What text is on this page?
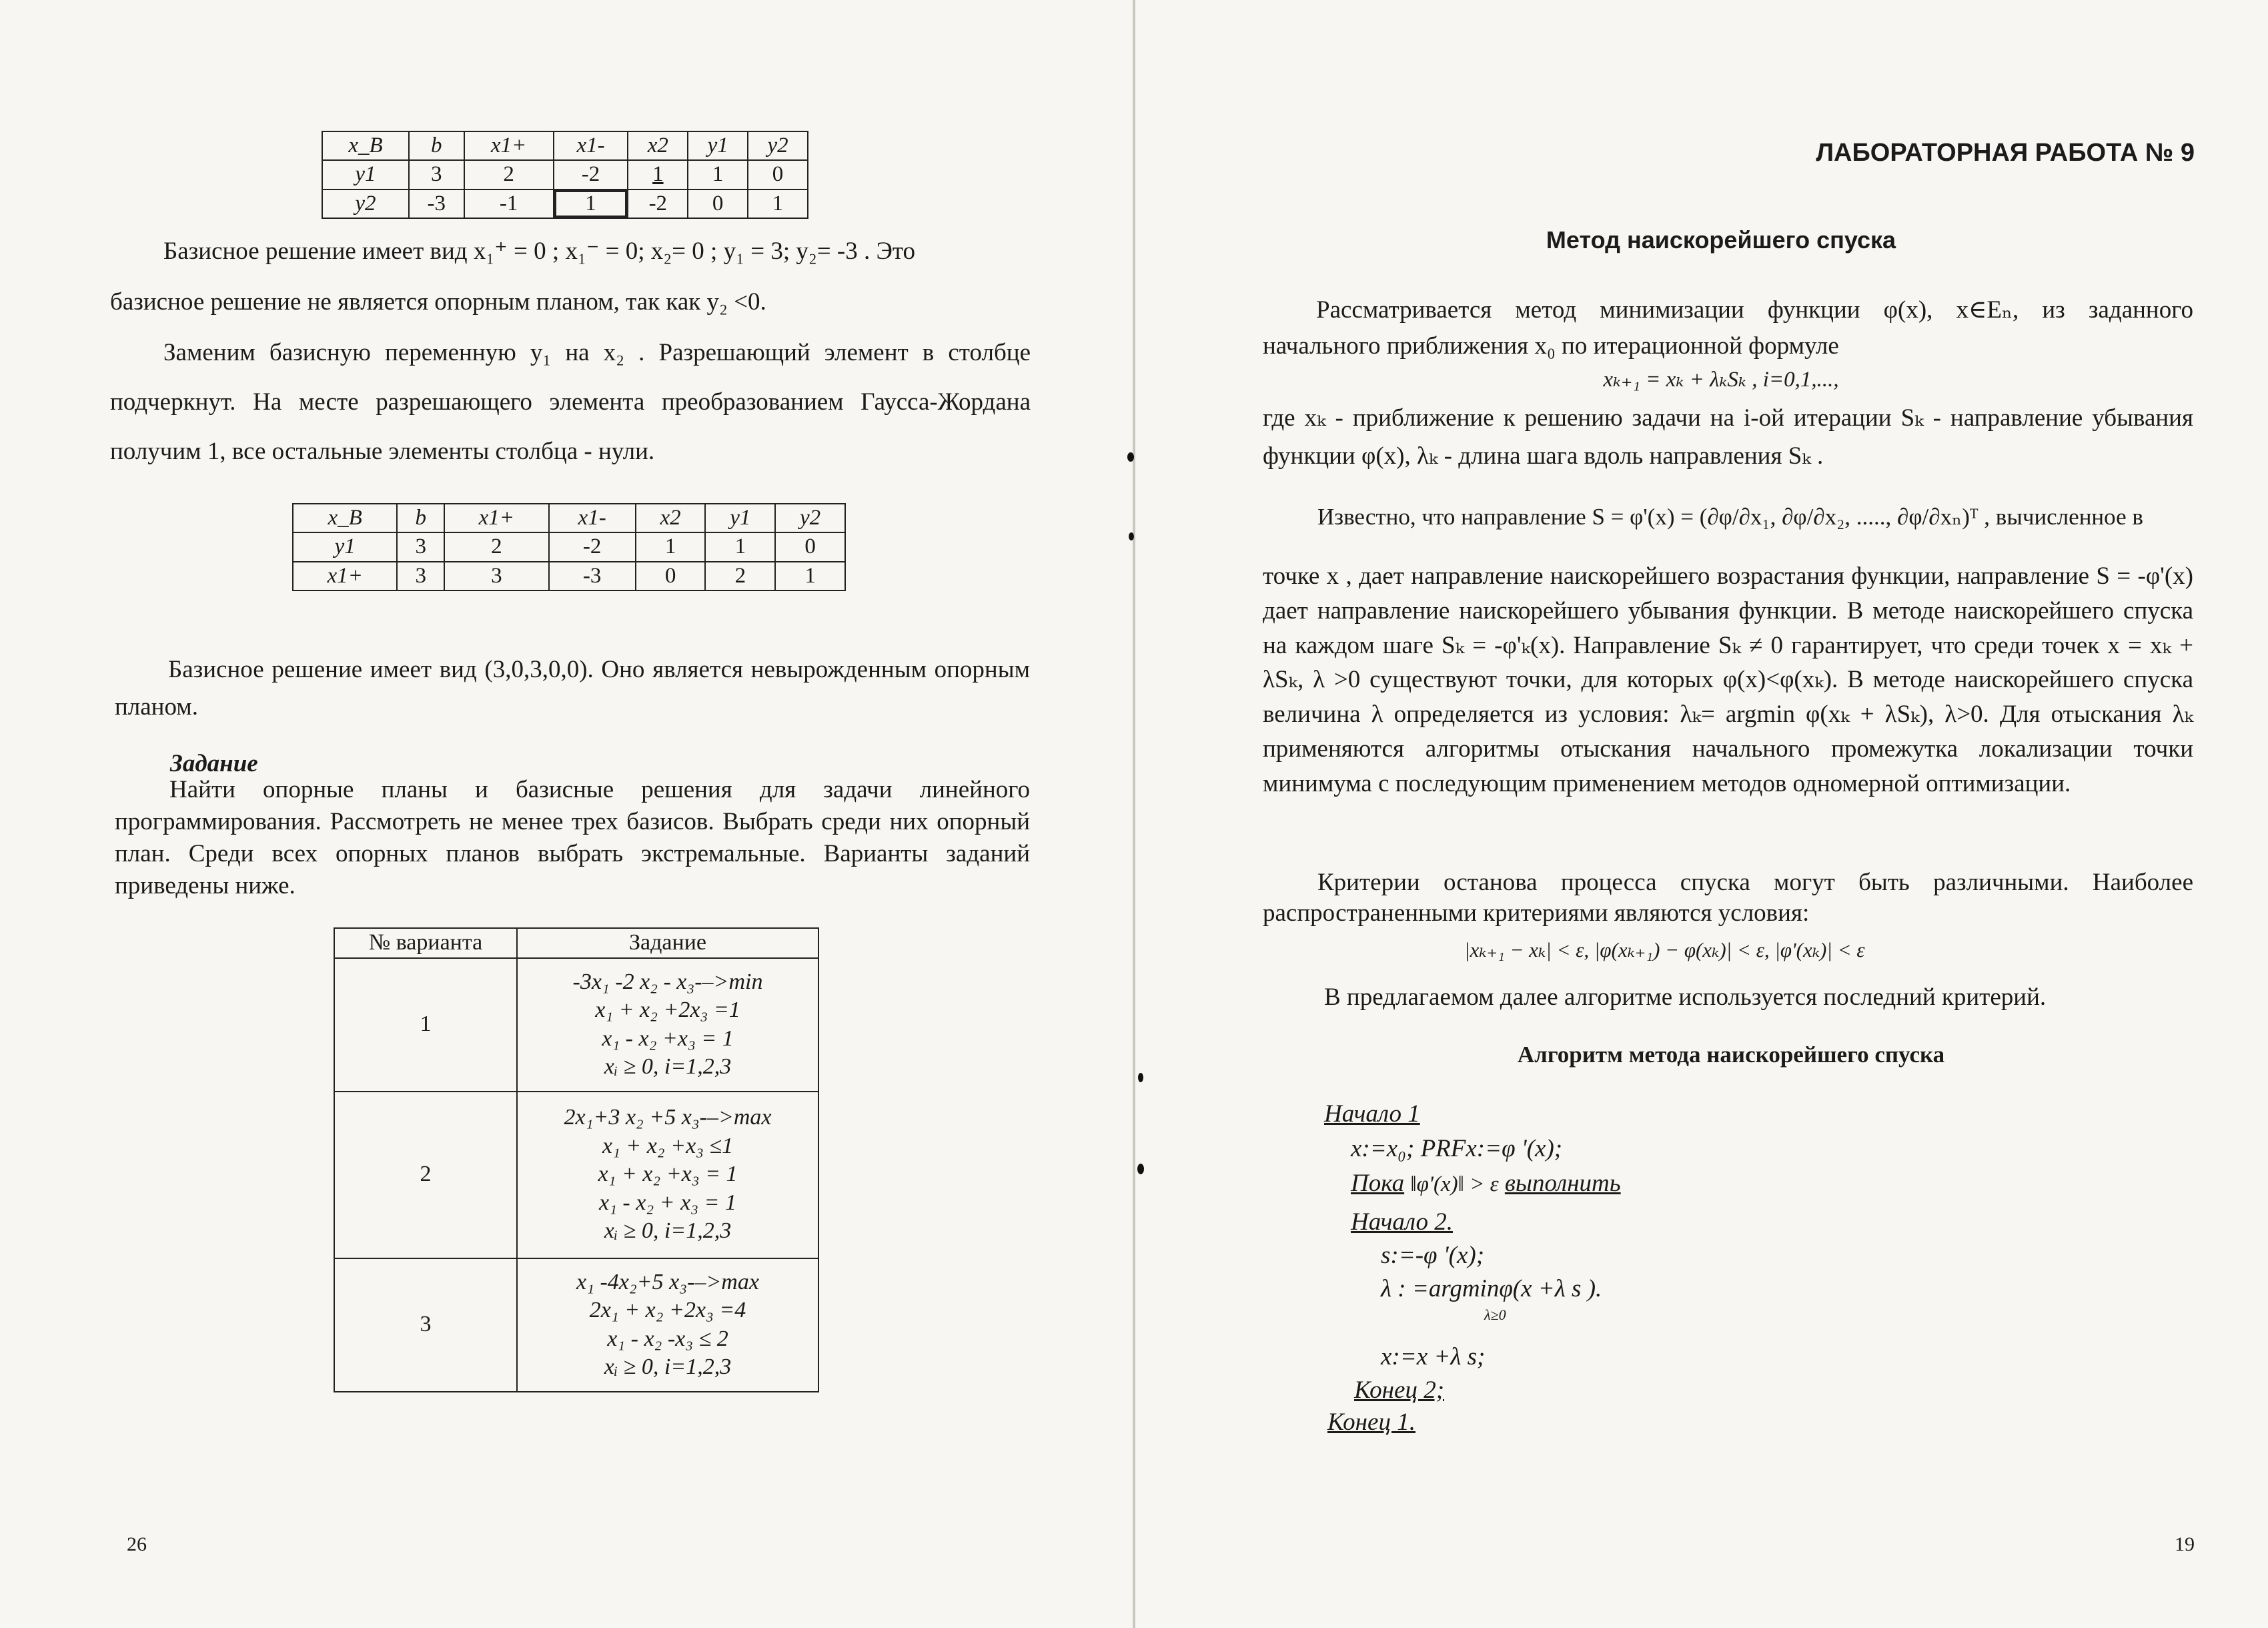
x_B	b	x1+	x1-	x2	y1	y2
y1	3	2	-2	1	1	0
y2	-3	-1	1	-2	0	1

Базисное решение имеет вид x₁⁺ = 0 ; x₁⁻ = 0; x₂= 0 ; y₁ = 3; y₂= -3 . Это

базисное решение не является опорным планом, так как y₂ <0.

Заменим базисную переменную y₁ на x₂ . Разрешающий элемент в столбце подчеркнут. На месте разрешающего элемента преобразованием Гаусса-Жордана получим 1, все остальные элементы столбца - нули.

x_B	b	x1+	x1-	x2	y1	y2
y1	3	2	-2	1	1	0
x1+	3	3	-3	0	2	1

Базисное решение имеет вид (3,0,3,0,0). Оно является невырожденным опорным планом.

Задание

Найти опорные планы и базисные решения для задачи линейного программирования. Рассмотреть не менее трех базисов. Выбрать среди них опорный план. Среди всех опорных планов выбрать экстремальные. Варианты заданий приведены ниже.

№ варианта	Задание
1	-3x₁ -2 x₂ - x₃-–>min
x₁ + x₂ +2x₃ =1
x₁ - x₂ +x₃ = 1
xᵢ ≥ 0, i=1,2,3

2	2x₁+3 x₂ +5 x₃-–>max
x₁ + x₂ +x₃ ≤1
x₁ + x₂ +x₃ = 1
x₁ - x₂ + x₃ = 1
xᵢ ≥ 0, i=1,2,3

3	x₁ -4x₂+5 x₃-–>max
2x₁ + x₂ +2x₃ =4
x₁ - x₂ -x₃ ≤ 2
xᵢ ≥ 0, i=1,2,3
26
ЛАБОРАТОРНАЯ РАБОТА № 9
Метод наискорейшего спуска

Рассматривается метод минимизации функции φ(x), x∈Eₙ, из заданного начального приближения x₀ по итерационной формуле

xₖ₊₁ = xₖ + λₖSₖ , i=0,1,...,

где xₖ - приближение к решению задачи на i-ой итерации Sₖ - направление убывания функции φ(x), λₖ - длина шага вдоль направления Sₖ .

Известно, что направление S = φ'(x) = (∂φ/∂x₁, ∂φ/∂x₂, ....., ∂φ/∂xₙ)ᵀ , вычисленное в

точке x , дает направление наискорейшего возрастания функции, направление S = -φ'(x) дает направление наискорейшего убывания функции. В методе наискорейшего спуска на каждом шаге Sₖ = -φ'ₖ(x). Направление Sₖ ≠ 0 гарантирует, что среди точек x = xₖ + λSₖ, λ >0 существуют точки, для которых φ(x)<φ(xₖ). В методе наискорейшего спуска величина λ определяется из условия: λₖ= argmin φ(xₖ + λSₖ), λ>0. Для отыскания λₖ применяются алгоритмы отыскания начального промежутка локализации точки минимума с последующим применением методов одномерной оптимизации.

Критерии останова процесса спуска могут быть различными. Наиболее распространенными критериями являются условия:

|xₖ₊₁ − xₖ| < ε, |φ(xₖ₊₁) − φ(xₖ)| < ε, |φ'(xₖ)| < ε

В предлагаемом далее алгоритме используется последний критерий.

Алгоритм метода наискорейшего спуска
Начало 1
x:=x₀; PRFx:=φ '(x);
Пока ‖φ'(x)‖ > ε выполнить
Начало 2.
s:=-φ '(x);
λ : =argminφ(x +λ s ).
λ≥0
x:=x +λ s;
Конец 2;
Конец 1.
19
